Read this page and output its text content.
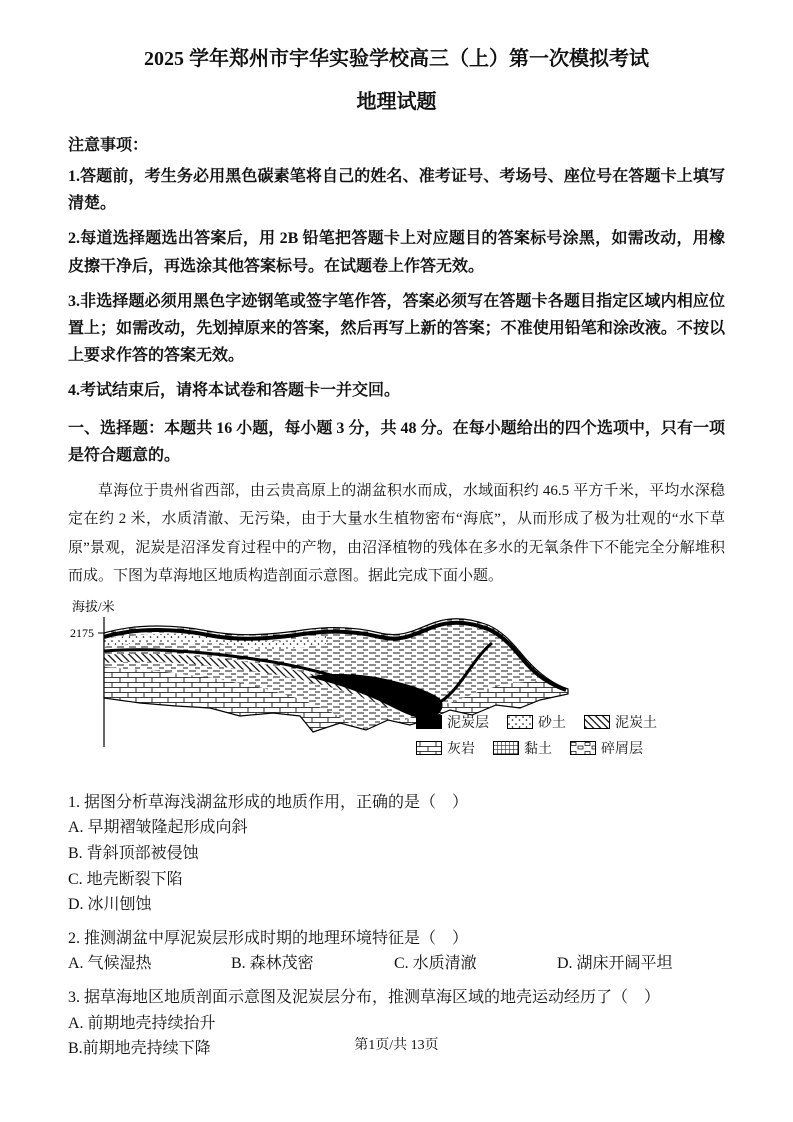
2025 学年郑州市宇华实验学校高三（上）第一次模拟考试
地理试题
注意事项：

1.答题前，考生务必用黑色碳素笔将自己的姓名、准考证号、考场号、座位号在答题卡上填写清楚。

2.每道选择题选出答案后，用 2B 铅笔把答题卡上对应题目的答案标号涂黑，如需改动，用橡皮擦干净后，再选涂其他答案标号。在试题卷上作答无效。

3.非选择题必须用黑色字迹钢笔或签字笔作答，答案必须写在答题卡各题目指定区域内相应位置上；如需改动，先划掉原来的答案，然后再写上新的答案；不准使用铅笔和涂改液。不按以上要求作答的答案无效。

4.考试结束后，请将本试卷和答题卡一并交回。

一、选择题：本题共 16 小题，每小题 3 分，共 48 分。在每小题给出的四个选项中，只有一项是符合题意的。

草海位于贵州省西部，由云贵高原上的湖盆积水而成，水域面积约 46.5 平方千米，平均水深稳定在约 2 米，水质清澈、无污染，由于大量水生植物密布“海底”，从而形成了极为壮观的“水下草原”景观，泥炭是沼泽发育过程中的产物，由沼泽植物的残体在多水的无氧条件下不能完全分解堆积而成。下图为草海地区地质构造剖面示意图。据此完成下面小题。

海拔/米
2175
泥炭层	砂土	泥炭土
灰岩	黏土	碎屑层
1. 据图分析草海浅湖盆形成的地质作用，正确的是（　）
A. 早期褶皱隆起形成向斜
B. 背斜顶部被侵蚀
C. 地壳断裂下陷
D. 冰川刨蚀
2. 推测湖盆中厚泥炭层形成时期的地理环境特征是（　）
A. 气候湿热	B. 森林茂密	C. 水质清澈	D. 湖床开阔平坦
3. 据草海地区地质剖面示意图及泥炭层分布，推测草海区域的地壳运动经历了（　）
A. 前期地壳持续抬升
B.前期地壳持续下降	第1页/共 13页
